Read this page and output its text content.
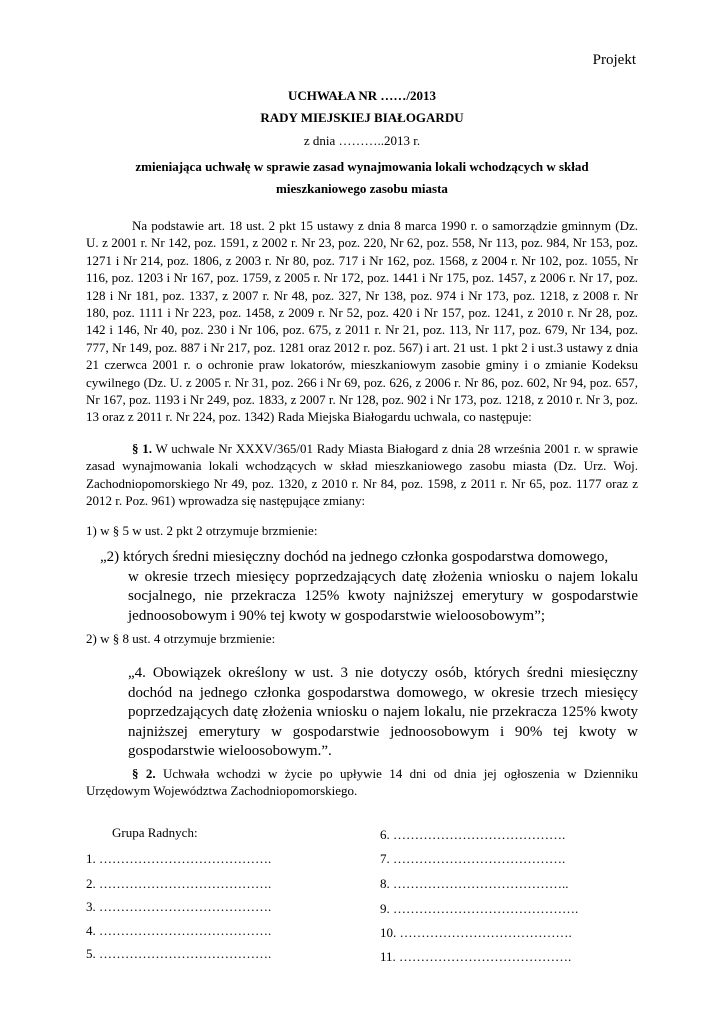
Projekt
UCHWAŁA NR ……/2013
RADY MIEJSKIEJ BIAŁOGARDU
z dnia ………..2013 r.
zmieniająca uchwałę w sprawie zasad wynajmowania lokali wchodzących w skład
mieszkaniowego zasobu miasta

Na podstawie art. 18 ust. 2 pkt 15 ustawy z dnia 8 marca 1990 r. o samorządzie gminnym (Dz. U. z 2001 r. Nr 142, poz. 1591, z 2002 r. Nr 23, poz. 220, Nr 62, poz. 558, Nr 113, poz. 984, Nr 153, poz. 1271 i Nr 214, poz. 1806, z 2003 r. Nr 80, poz. 717 i Nr 162, poz. 1568, z 2004 r. Nr 102, poz. 1055, Nr 116, poz. 1203 i Nr 167, poz. 1759, z 2005 r. Nr 172, poz. 1441 i Nr 175, poz. 1457, z 2006 r. Nr 17, poz. 128 i Nr 181, poz. 1337, z 2007 r. Nr 48, poz. 327, Nr 138, poz. 974 i Nr 173, poz. 1218, z 2008 r. Nr 180, poz. 1111 i Nr 223, poz. 1458, z 2009 r. Nr 52, poz. 420 i Nr 157, poz. 1241, z 2010 r. Nr 28, poz. 142 i 146, Nr 40, poz. 230 i Nr 106, poz. 675, z 2011 r. Nr 21, poz. 113, Nr 117, poz. 679, Nr 134, poz. 777, Nr 149, poz. 887 i Nr 217, poz. 1281 oraz 2012 r. poz. 567) i art. 21 ust. 1 pkt 2 i ust.3 ustawy z dnia 21 czerwca 2001 r. o ochronie praw lokatorów, mieszkaniowym zasobie gminy i o zmianie Kodeksu cywilnego (Dz. U. z 2005 r. Nr 31, poz. 266 i Nr 69, poz. 626, z 2006 r. Nr 86, poz. 602, Nr 94, poz. 657, Nr 167, poz. 1193 i Nr 249, poz. 1833, z 2007 r. Nr 128, poz. 902 i Nr 173, poz. 1218, z 2010 r. Nr 3, poz. 13 oraz z 2011 r. Nr 224, poz. 1342) Rada Miejska Białogardu uchwala, co następuje:

§ 1. W uchwale Nr XXXV/365/01 Rady Miasta Białogard z dnia 28 września 2001 r. w sprawie zasad wynajmowania lokali wchodzących w skład mieszkaniowego zasobu miasta (Dz. Urz. Woj. Zachodniopomorskiego Nr 49, poz. 1320, z 2010 r. Nr 84, poz. 1598, z 2011 r. Nr 65, poz. 1177 oraz z 2012 r. Poz. 961) wprowadza się następujące zmiany:

1) w § 5 w ust. 2 pkt 2 otrzymuje brzmienie:

„2) których średni miesięczny dochód na jednego członka gospodarstwa domowego,
w okresie trzech miesięcy poprzedzających datę złożenia wniosku o najem lokalu socjalnego, nie przekracza 125% kwoty najniższej emerytury w gospodarstwie jednoosobowym i 90% tej kwoty w gospodarstwie wieloosobowym”;

2) w § 8 ust. 4 otrzymuje brzmienie:

„4. Obowiązek określony w ust. 3 nie dotyczy osób, których średni miesięczny dochód na jednego członka gospodarstwa domowego, w okresie trzech miesięcy poprzedzających datę złożenia wniosku o najem lokalu, nie przekracza 125% kwoty najniższej emerytury w gospodarstwie jednoosobowym i 90% tej kwoty w gospodarstwie wieloosobowym.”.

§ 2. Uchwała wchodzi w życie po upływie 14 dni od dnia jej ogłoszenia w Dzienniku Urzędowym Województwa Zachodniopomorskiego.

Grupa Radnych:
1. ………………………………….
2. ………………………………….
3. ………………………………….
4. ………………………………….
5. ………………………………….
6. ………………………………….
7. ………………………………….
8. …………………………………..
9. …………………………………….
10. ………………………………….
11. ………………………………….
